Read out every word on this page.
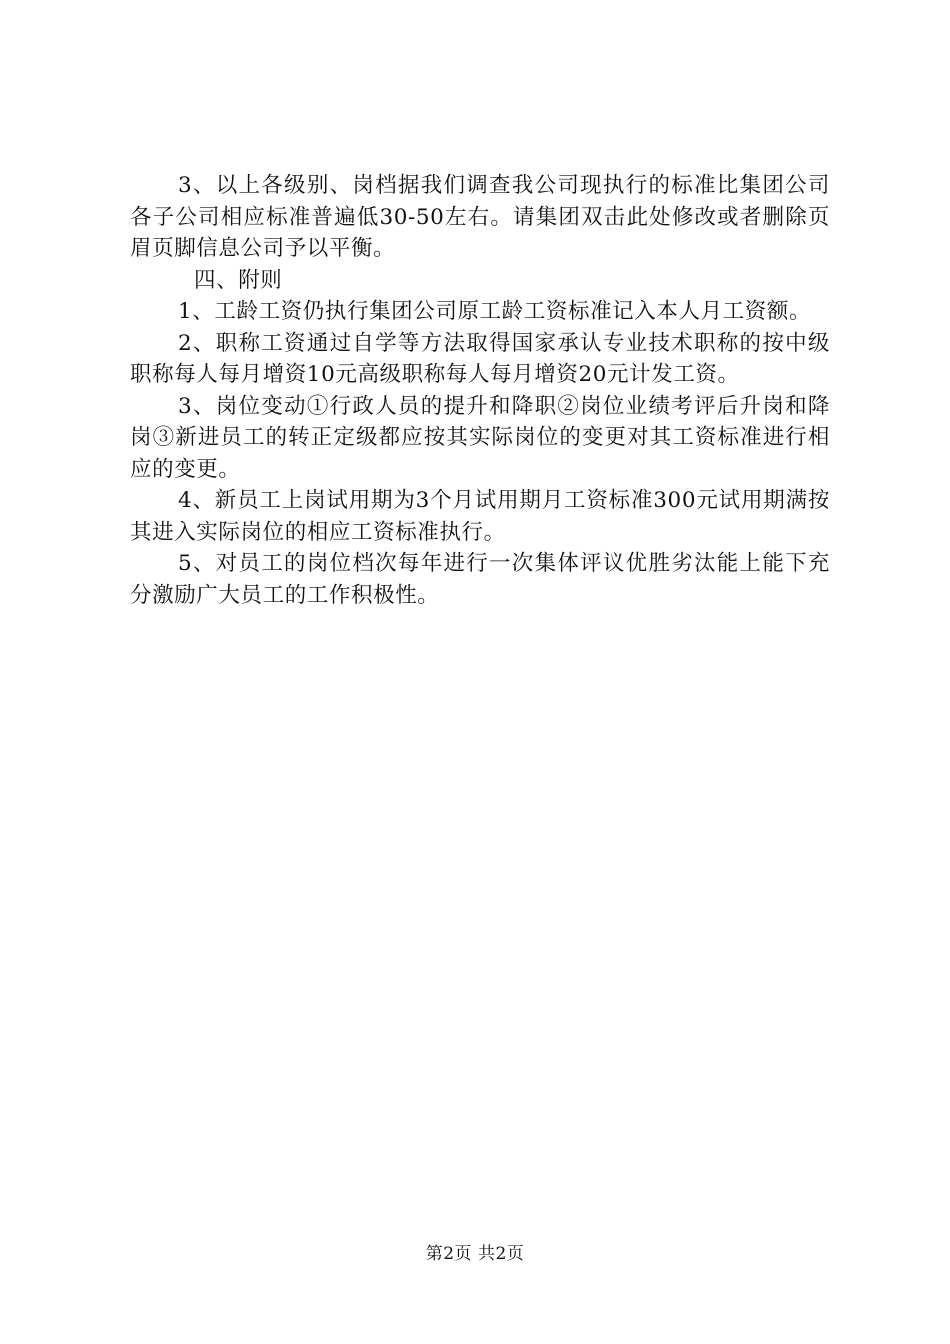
3、以上各级别、岗档据我们调查我公司现执行的标准比集团公司各子公司相应标准普遍低30-50左右。请集团双击此处修改或者删除页眉页脚信息公司予以平衡。

四、附则

1、工龄工资仍执行集团公司原工龄工资标准记入本人月工资额。

2、职称工资通过自学等方法取得国家承认专业技术职称的按中级职称每人每月增资10元高级职称每人每月增资20元计发工资。

3、岗位变动①行政人员的提升和降职②岗位业绩考评后升岗和降岗③新进员工的转正定级都应按其实际岗位的变更对其工资标准进行相应的变更。

4、新员工上岗试用期为3个月试用期月工资标准300元试用期满按其进入实际岗位的相应工资标准执行。

5、对员工的岗位档次每年进行一次集体评议优胜劣汰能上能下充分激励广大员工的工作积极性。

第2页 共2页
